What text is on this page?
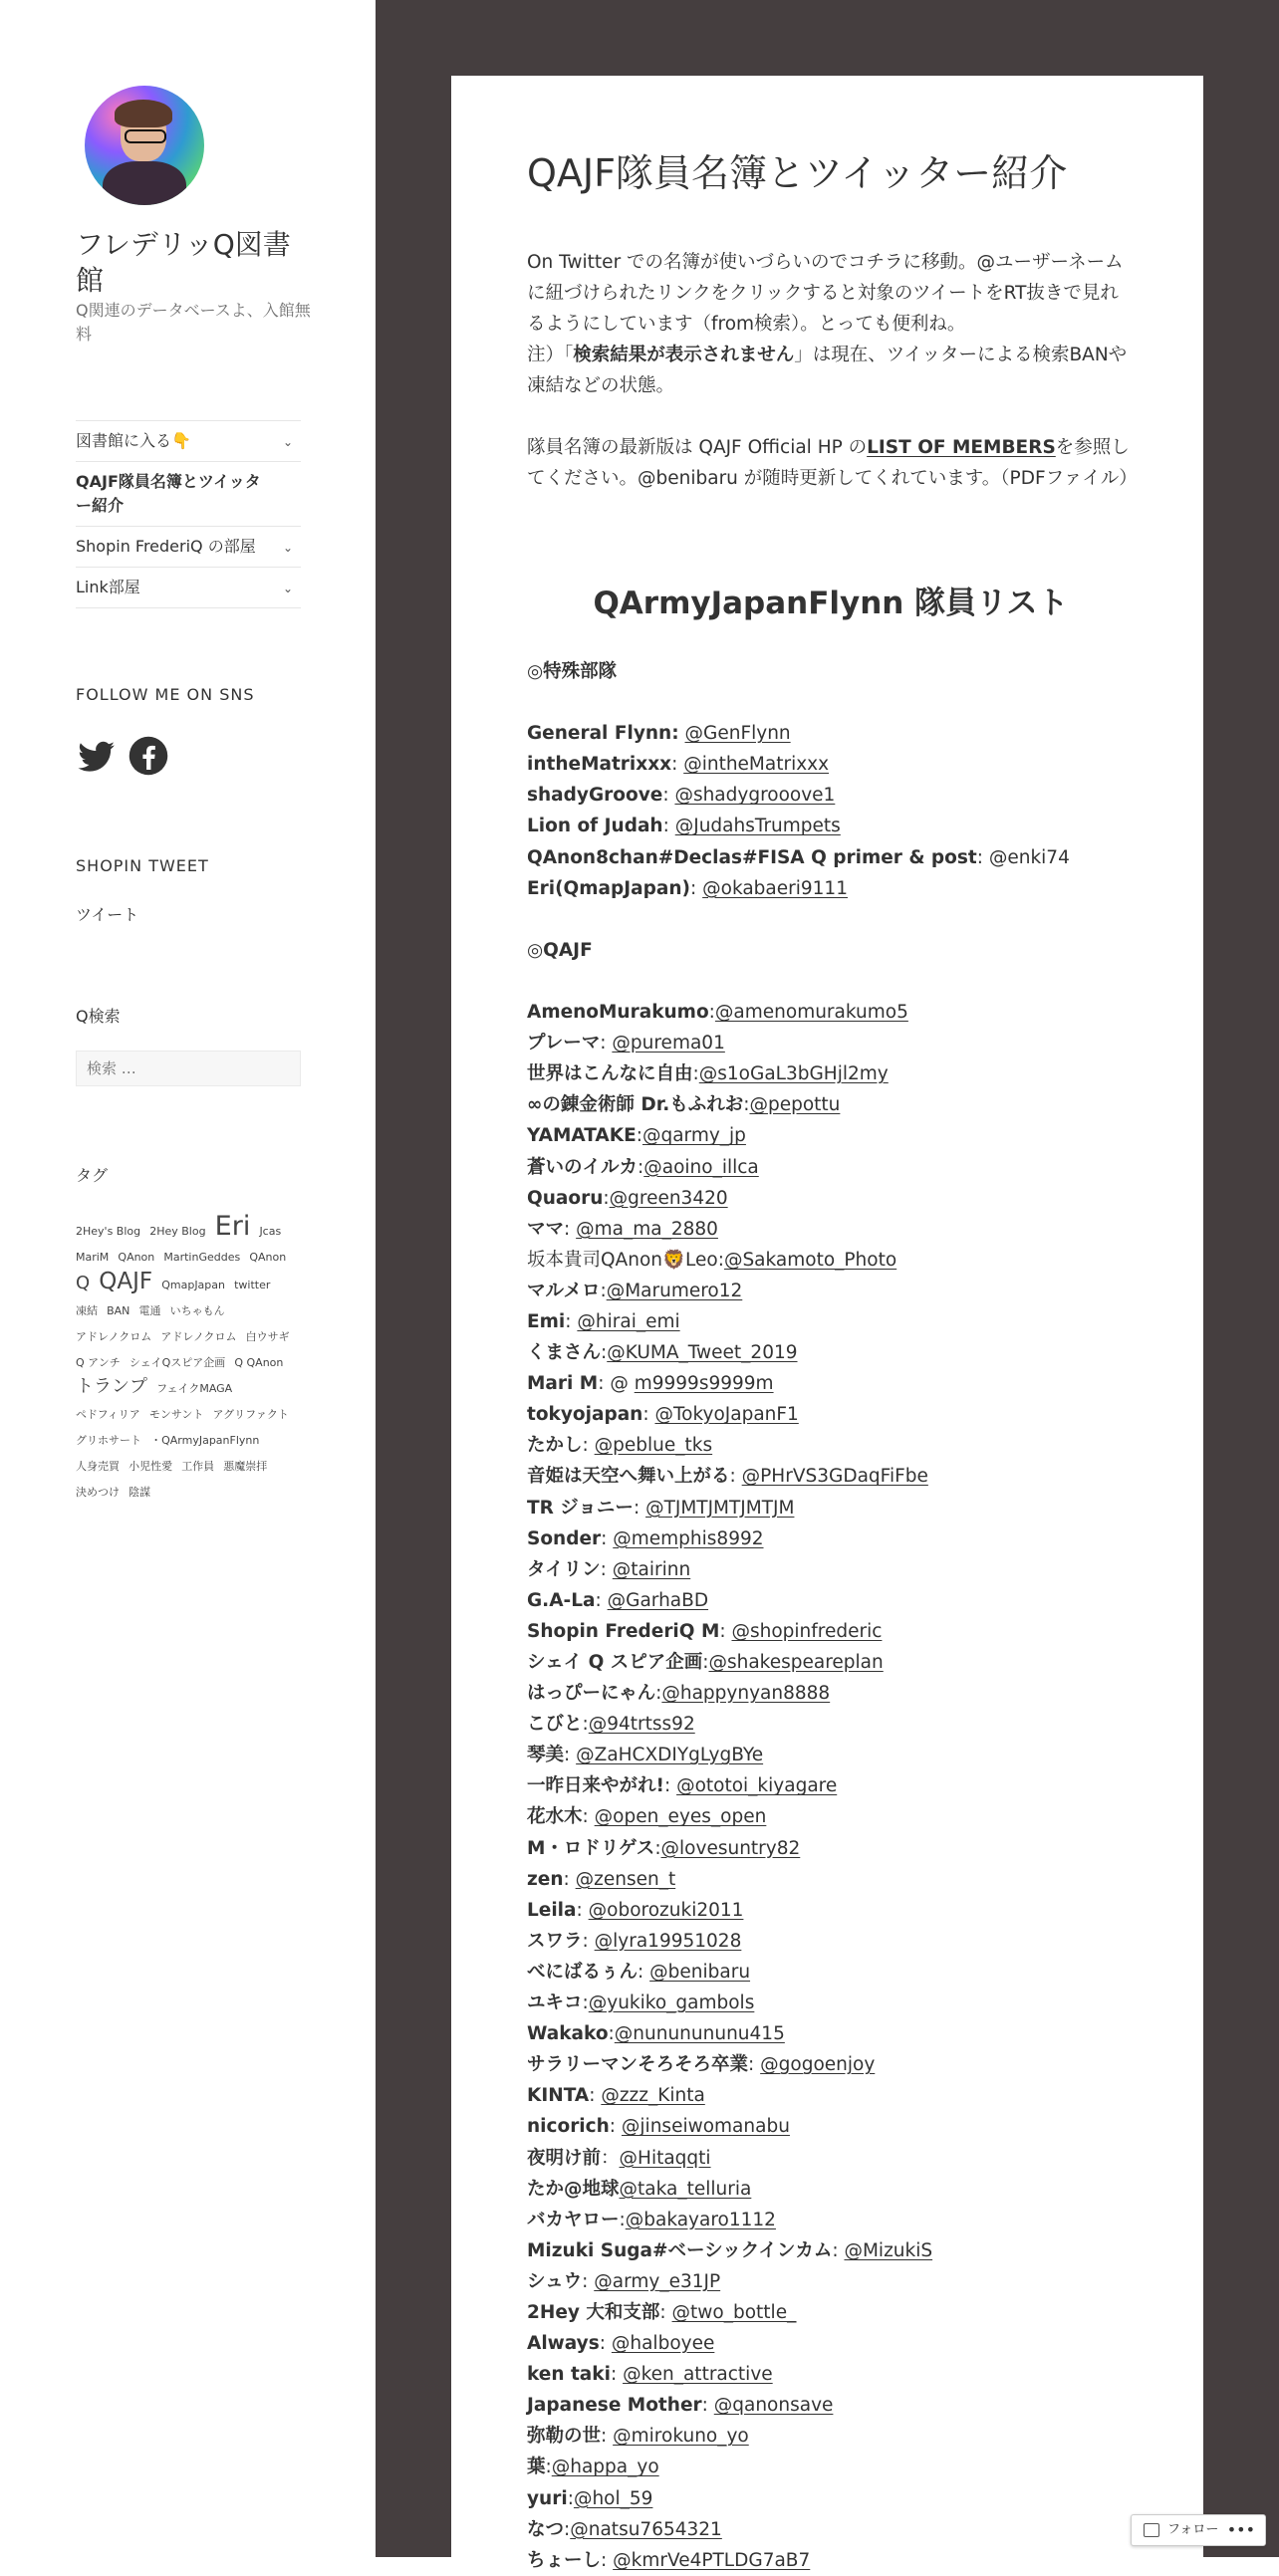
フレデリッQ図書館

Q関連のデータベースよ、入館無料

図書館に入る👇	⌄
QAJF隊員名簿とツイッター紹介
Shopin FrederiQ の部屋 ⌄
Link部屋	⌄
FOLLOW ME ON SNS
SHOPIN TWEET
ツイート
Q検索
検索 …
タグ
2Hey's Blog 2Hey Blog Eri Jcas MariM QAnon MartinGeddes QAnon Q QAJF QmapJapan twitter 凍結 BAN 電通 いちゃもん アドレノクロム アドレノクロム 白ウサギ Q アンチ シェイQスピア企画 Q QAnon トランプ フェイクMAGA ペドフィリア モンサント アグリファクト グリホサート ・QArmyJapanFlynn 人身売買 小児性愛 工作員 悪魔崇拝 決めつけ 陰謀
QAJF隊員名簿とツイッター紹介

On Twitter での名簿が使いづらいのでコチラに移動。@ユーザーネームに紐づけられたリンクをクリックすると対象のツイートをRT抜きで見れるようにしています（from検索）。とっても便利ね。
注）「検索結果が表示されません」は現在、ツイッターによる検索BANや凍結などの状態。

隊員名簿の最新版は QAJF Official HP のLIST OF MEMBERSを参照してください。@benibaru が随時更新してくれています。（PDFファイル）

QArmyJapanFlynn 隊員リスト
◎特殊部隊

General Flynn: @GenFlynn
intheMatrixxx: @intheMatrixxx
shadyGroove: @shadygrooove1
Lion of Judah: @JudahsTrumpets
QAnon8chan#Declas#FISA Q primer & post: @enki74
Eri(QmapJapan): @okabaeri9111

◎QAJF

AmenoMurakumo:@amenomurakumo5
プレーマ: @purema01
世界はこんなに自由:@s1oGaL3bGHjl2my
∞の錬金術師 Dr.もふれお:@pepottu
YAMATAKE:@qarmy_jp
蒼いのイルカ:@aoino_illca
Quaoru:@green3420
ママ: @ma_ma_2880
坂本貴司QAnon🦁Leo:@Sakamoto_Photo
マルメロ:@Marumero12
Emi: @hirai_emi
くまさん:@KUMA_Tweet_2019
Mari M: @ m9999s9999m
tokyojapan: @TokyoJapanF1
たかし: @peblue_tks
音姫は天空へ舞い上がる: @PHrVS3GDaqFiFbe
TR ジョニー: @TJMTJMTJMTJM
Sonder: @memphis8992
タイリン: @tairinn
G.A-La: @GarhaBD
Shopin FrederiQ M: @shopinfrederic
シェイ Q スピア企画:@shakespeareplan
はっぴーにゃん:@happynyan8888
こびと:@94trtss92
琴美: @ZaHCXDIYgLygBYe
一昨日来やがれ!: @ototoi_kiyagare
花水木: @open_eyes_open
M・ロドリゲス:@lovesuntry82
zen: @zensen_t
Leila: @oborozuki2011
スワラ: @lyra19951028
べにばるぅん: @benibaru
ユキコ:@yukiko_gambols
Wakako:@nununununu415
サラリーマンそろそろ卒業: @gogoenjoy
KINTA: @zzz_Kinta
nicorich: @jinseiwomanabu
夜明け前：@Hitaqqti
たか@地球@taka_telluria
バカヤロー:@bakayaro1112
Mizuki Suga#ベーシックインカム: @MizukiS
シュウ: @army_e31JP
2Hey 大和支部: @two_bottle_
Always: @halboyee
ken taki: @ken_attractive
Japanese Mother: @qanonsave
弥勒の世: @mirokuno_yo
葉:@happa_yo
yuri:@hol_59
なつ:@natsu7654321
ちょーし: @kmrVe4PTLDG7aB7
フォロー •••
